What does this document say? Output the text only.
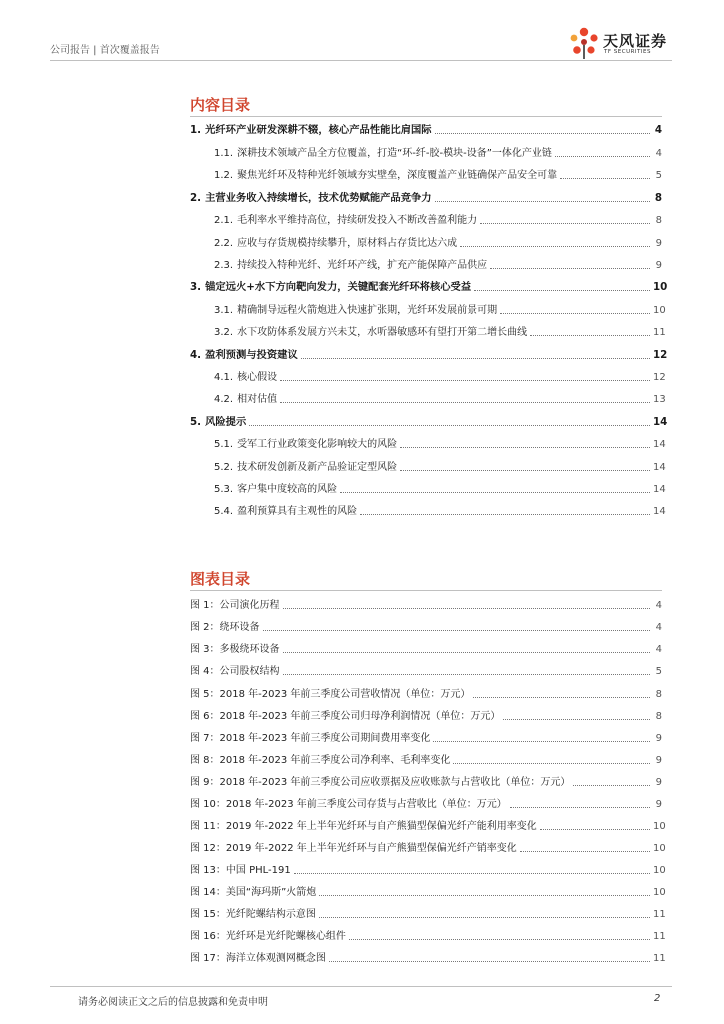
公司报告 | 首次覆盖报告
天风证券
TF SECURITIES
内容目录
1. 光纤环产业研发深耕不辍，核心产品性能比肩国际	4
1.1. 深耕技术领域产品全方位覆盖，打造“环-纤-胶-模块-设备”一体化产业链	4
1.2. 聚焦光纤环及特种光纤领域夯实壁垒，深度覆盖产业链确保产品安全可靠	5
2. 主营业务收入持续增长，技术优势赋能产品竞争力	8
2.1. 毛利率水平维持高位，持续研发投入不断改善盈利能力	8
2.2. 应收与存货规模持续攀升，原材料占存货比达六成	9
2.3. 持续投入特种光纤、光纤环产线，扩充产能保障产品供应	9
3. 锚定远火+水下方向靶向发力，关键配套光纤环将核心受益	10
3.1. 精确制导远程火箭炮进入快速扩张期，光纤环发展前景可期	10
3.2. 水下攻防体系发展方兴未艾，水听器敏感环有望打开第二增长曲线	11
4. 盈利预测与投资建议	12
4.1. 核心假设	12
4.2. 相对估值	13
5. 风险提示	14
5.1. 受军工行业政策变化影响较大的风险	14
5.2. 技术研发创新及新产品验证定型风险	14
5.3. 客户集中度较高的风险	14
5.4. 盈利预算具有主观性的风险	14
图表目录
图 1： 公司演化历程	4
图 2： 绕环设备	4
图 3： 多极绕环设备	4
图 4： 公司股权结构	5
图 5： 2018 年-2023 年前三季度公司营收情况（单位：万元）	8
图 6： 2018 年-2023 年前三季度公司归母净利润情况（单位：万元）	8
图 7： 2018 年-2023 年前三季度公司期间费用率变化	9
图 8： 2018 年-2023 年前三季度公司净利率、毛利率变化	9
图 9： 2018 年-2023 年前三季度公司应收票据及应收账款与占营收比（单位：万元）	9
图 10： 2018 年-2023 年前三季度公司存货与占营收比（单位：万元）	9
图 11： 2019 年-2022 年上半年光纤环与自产熊猫型保偏光纤产能利用率变化	10
图 12： 2019 年-2022 年上半年光纤环与自产熊猫型保偏光纤产销率变化	10
图 13： 中国 PHL-191	10
图 14： 美国“海玛斯”火箭炮	10
图 15： 光纤陀螺结构示意图	11
图 16： 光纤环是光纤陀螺核心组件	11
图 17： 海洋立体观测网概念图	11
请务必阅读正文之后的信息披露和免责申明	2
